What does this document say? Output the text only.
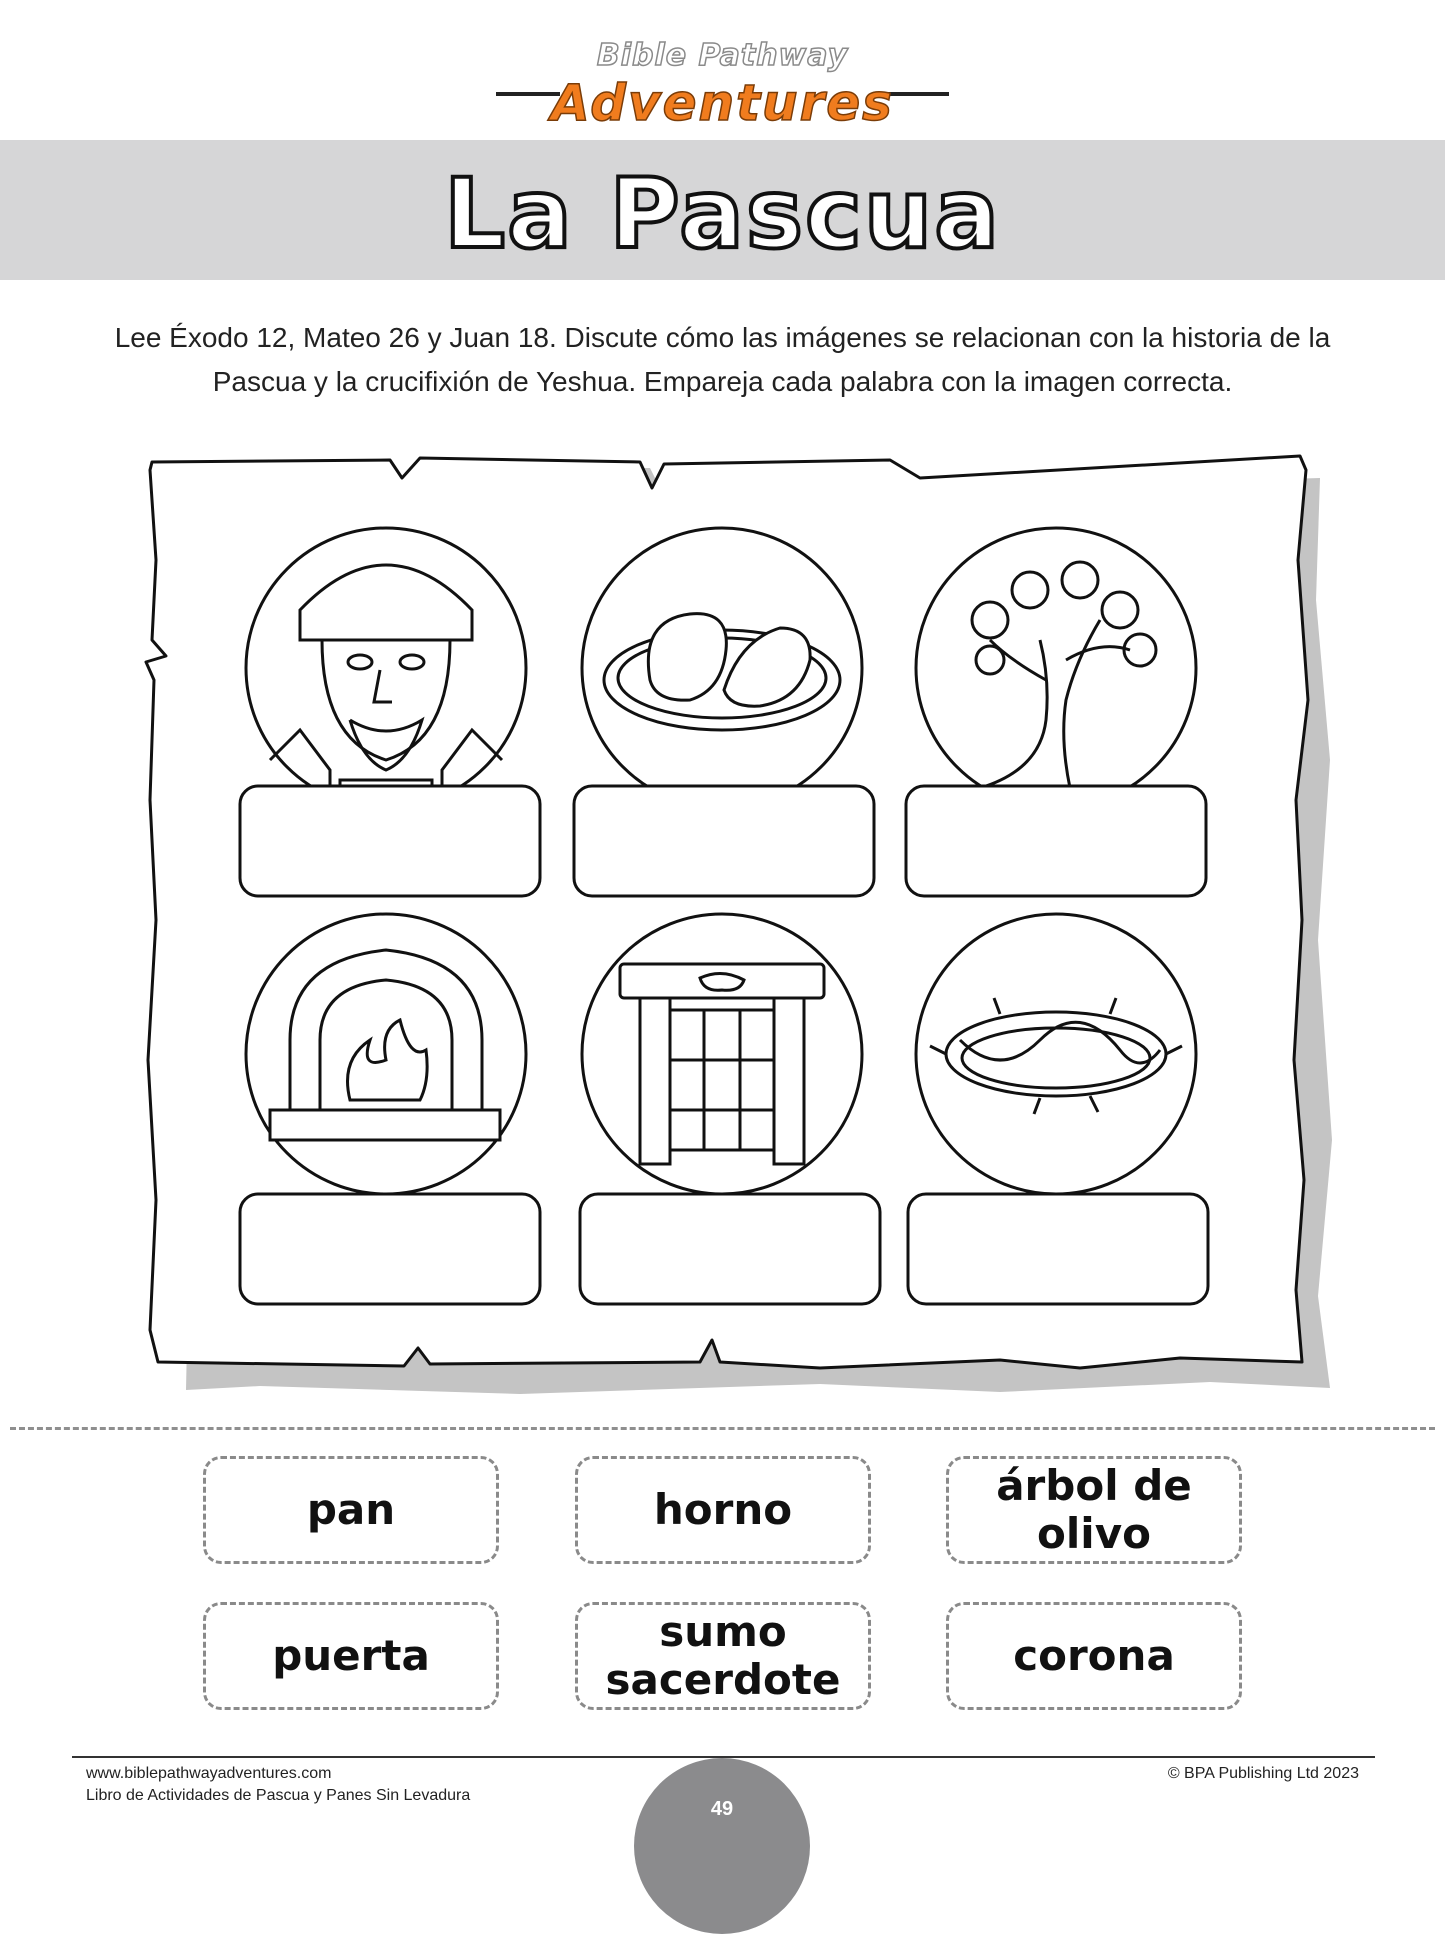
Bible Pathway
Adventures
La Pascua

Lee Éxodo 12, Mateo 26 y Juan 18. Discute cómo las imágenes se relacionan con la historia de la Pascua y la crucifixión de Yeshua. Empareja cada palabra con la imagen correcta.

pan	horno	árbol de olivo
puerta	sumo sacerdote	corona
www.biblepathwayadventures.com
Libro de Actividades de Pascua y Panes Sin Levadura
© BPA Publishing Ltd 2023
49
